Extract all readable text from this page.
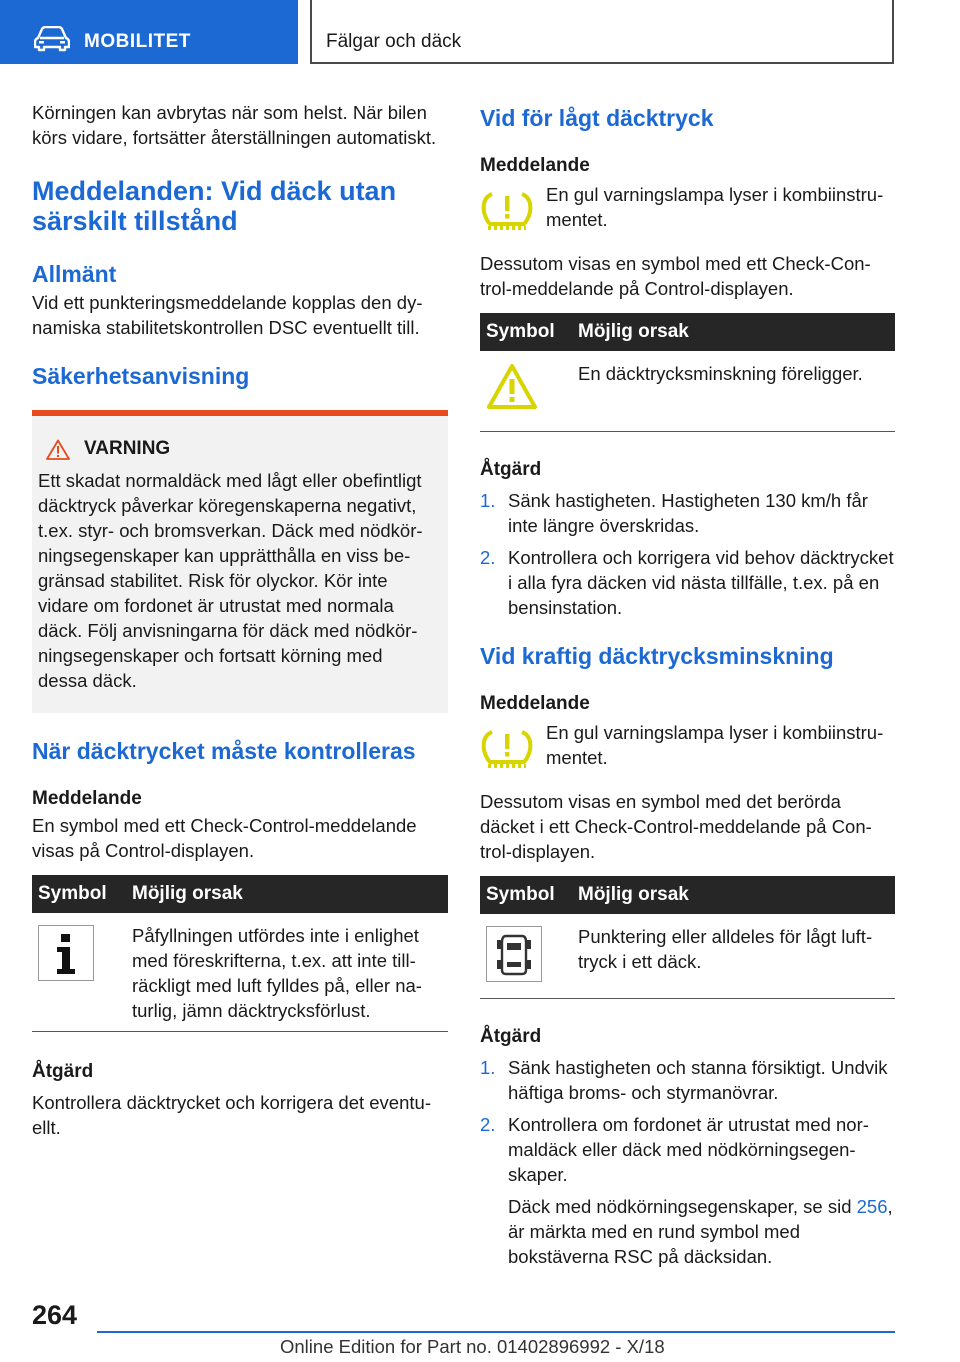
MOBILITET	Fälgar och däck

Körningen kan avbrytas när som helst. När bilen körs vidare, fortsätter återställningen automatiskt.

Meddelanden: Vid däck utan särskilt tillstånd
Allmänt

Vid ett punkteringsmeddelande kopplas den dynamiska stabilitetskontrollen DSC eventuellt till.

Säkerhetsanvisning
VARNING

Ett skadat normaldäck med lågt eller obefintligt däcktryck påverkar köregenskaperna negativt, t.ex. styr- och bromsverkan. Däck med nödkörningsegenskaper kan upprätthålla en viss begränsad stabilitet. Risk för olyckor. Kör inte vidare om fordonet är utrustat med normala däck. Följ anvisningarna för däck med nödkörningsegenskaper och fortsatt körning med dessa däck.

När däcktrycket måste kontrolleras
Meddelande

En symbol med ett Check-Control-meddelande visas på Control-displayen.

Symbol	Möjlig orsak
	Påfyllningen utfördes inte i enlighet med föreskrifterna, t.ex. att inte tillräckligt med luft fylldes på, eller naturlig, jämn däcktrycksförlust.
Åtgärd

Kontrollera däcktrycket och korrigera det eventuellt.

Vid för lågt däcktryck
Meddelande

En gul varningslampa lyser i kombiinstrumentet.

Dessutom visas en symbol med ett Check-Control-meddelande på Control-displayen.

Symbol	Möjlig orsak
	En däcktrycksminskning föreligger.
Åtgärd
1. Sänk hastigheten. Hastigheten 130 km/h får inte längre överskridas.
2. Kontrollera och korrigera vid behov däcktrycket i alla fyra däcken vid nästa tillfälle, t.ex. på en bensinstation.
Vid kraftig däcktrycksminskning
Meddelande

En gul varningslampa lyser i kombiinstrumentet.

Dessutom visas en symbol med det berörda däcket i ett Check-Control-meddelande på Control-displayen.

Symbol	Möjlig orsak
	Punktering eller alldeles för lågt lufttryck i ett däck.
Åtgärd
1. Sänk hastigheten och stanna försiktigt. Undvik häftiga broms- och styrmanövrar.
2. Kontrollera om fordonet är utrustat med normaldäck eller däck med nödkörningsegenskaper.

Däck med nödkörningsegenskaper, se sid 256, är märkta med en rund symbol med bokstäverna RSC på däcksidan.

264
Online Edition for Part no. 01402896992 - X/18
